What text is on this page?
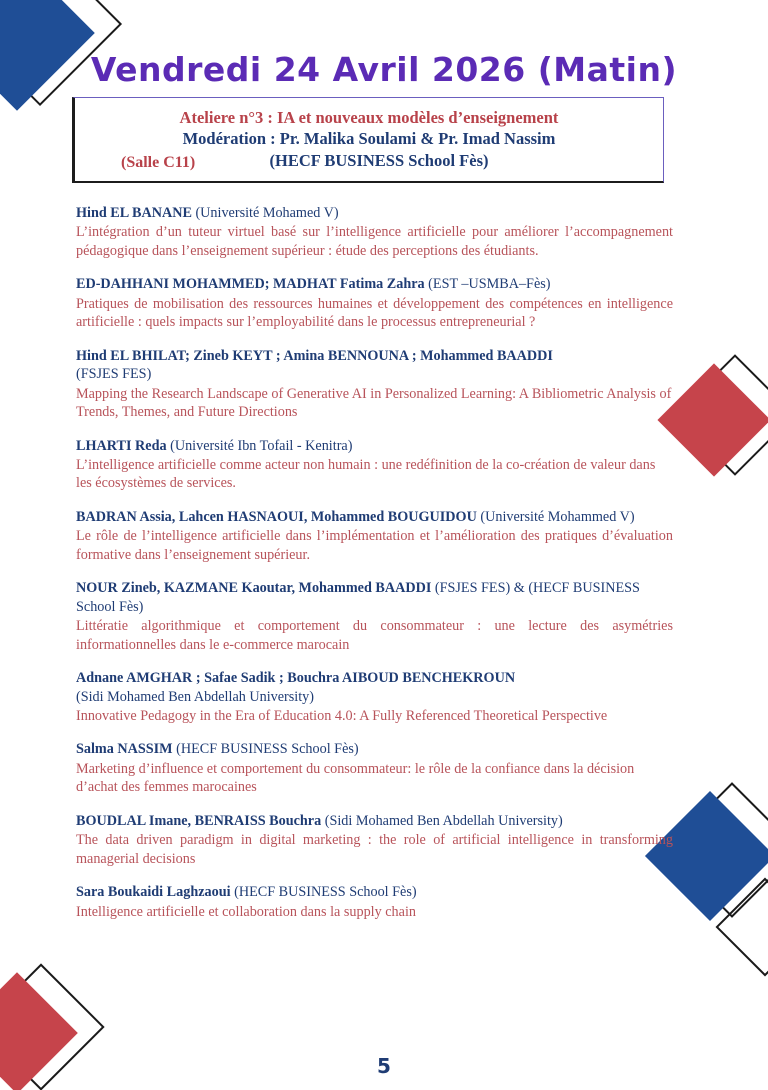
Vendredi 24 Avril 2026 (Matin)
Ateliere n°3 : IA et nouveaux modèles d’enseignement
Modération : Pr. Malika Soulami & Pr. Imad Nassim
(Salle C11)	(HECF BUSINESS School Fès)

Hind EL BANANE (Université Mohamed V)

L’intégration d’un tuteur virtuel basé sur l’intelligence artificielle pour améliorer l’accompagnement pédagogique dans l’enseignement supérieur : étude des perceptions des étudiants.

ED-DAHHANI MOHAMMED; MADHAT Fatima Zahra (EST –USMBA–Fès)

Pratiques de mobilisation des ressources humaines et développement des compétences en intelligence artificielle : quels impacts sur l’employabilité dans le processus entrepreneurial ?

Hind EL BHILAT; Zineb KEYT ; Amina BENNOUNA ; Mohammed BAADDI
(FSJES FES)

Mapping the Research Landscape of Generative AI in Personalized Learning: A Bibliometric Analysis of Trends, Themes, and Future Directions

LHARTI Reda (Université Ibn Tofail - Kenitra)

L’intelligence artificielle comme acteur non humain : une redéfinition de la co-création de valeur dans les écosystèmes de services.

BADRAN Assia, Lahcen HASNAOUI, Mohammed BOUGUIDOU (Université Mohammed V)

Le rôle de l’intelligence artificielle dans l’implémentation et l’amélioration des pratiques d’évaluation formative dans l’enseignement supérieur.

NOUR Zineb, KAZMANE Kaoutar, Mohammed BAADDI (FSJES FES) & (HECF BUSINESS School Fès)

Littératie algorithmique et comportement du consommateur : une lecture des asymétries informationnelles dans le e-commerce marocain

Adnane AMGHAR ; Safae Sadik ; Bouchra AIBOUD BENCHEKROUN
(Sidi Mohamed Ben Abdellah University)

Innovative Pedagogy in the Era of Education 4.0: A Fully Referenced Theoretical Perspective

Salma NASSIM (HECF BUSINESS School Fès)

Marketing d’influence et comportement du consommateur: le rôle de la confiance dans la décision d’achat des femmes marocaines

BOUDLAL Imane, BENRAISS Bouchra (Sidi Mohamed Ben Abdellah University)

The data driven paradigm in digital marketing : the role of artificial intelligence in transforming managerial decisions

Sara Boukaidi Laghzaoui (HECF BUSINESS School Fès)

Intelligence artificielle et collaboration dans la supply chain

5
